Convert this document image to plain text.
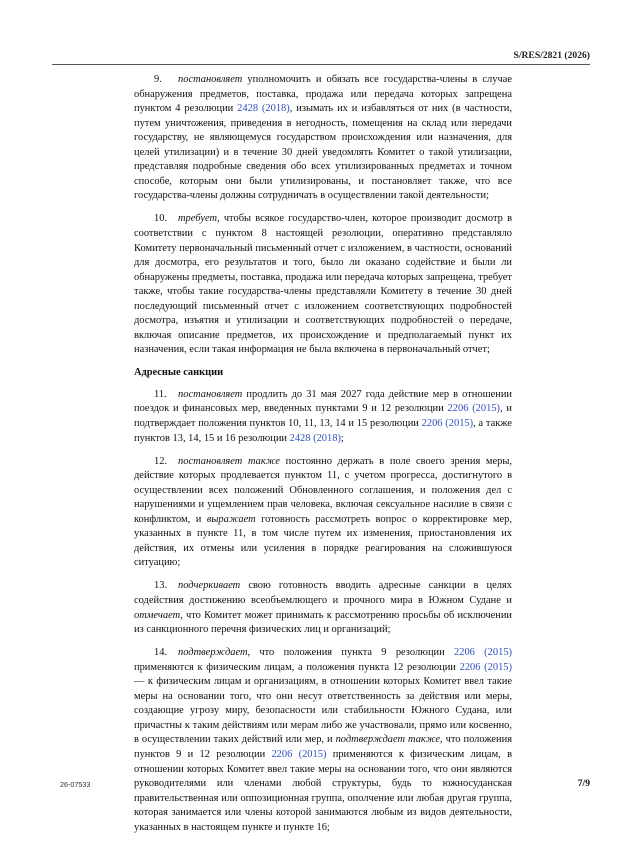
S/RES/2821 (2026)

9. постановляет уполномочить и обязать все государства-члены в случае обнаружения предметов, поставка, продажа или передача которых запрещена пунктом 4 резолюции 2428 (2018), изымать их и избавляться от них (в частности, путем уничтожения, приведения в негодность, помещения на склад или передачи государству, не являющемуся государством происхождения или назначения, для целей утилизации) и в течение 30 дней уведомлять Комитет о такой утилизации, представляя подробные сведения обо всех утилизированных предметах и точном способе, которым они были утилизированы, и постановляет также, что все государства-члены должны сотрудничать в осуществлении такой деятельности;

10. требует, чтобы всякое государство-член, которое производит досмотр в соответствии с пунктом 8 настоящей резолюции, оперативно представляло Комитету первоначальный письменный отчет с изложением, в частности, оснований для досмотра, его результатов и того, было ли оказано содействие и были ли обнаружены предметы, поставка, продажа или передача которых запрещена, требует также, чтобы такие государства-члены представляли Комитету в течение 30 дней последующий письменный отчет с изложением соответствующих подробностей досмотра, изъятия и утилизации и соответствующих подробностей о передаче, включая описание предметов, их происхождение и предполагаемый пункт их назначения, если такая информация не была включена в первоначальный отчет;

Адресные санкции

11. постановляет продлить до 31 мая 2027 года действие мер в отношении поездок и финансовых мер, введенных пунктами 9 и 12 резолюции 2206 (2015), и подтверждает положения пунктов 10, 11, 13, 14 и 15 резолюции 2206 (2015), а также пунктов 13, 14, 15 и 16 резолюции 2428 (2018);

12. постановляет также постоянно держать в поле своего зрения меры, действие которых продлевается пунктом 11, с учетом прогресса, достигнутого в осуществлении всех положений Обновленного соглашения, и положения дел с нарушениями и ущемлением прав человека, включая сексуальное насилие в связи с конфликтом, и выражает готовность рассмотреть вопрос о корректировке мер, указанных в пункте 11, в том числе путем их изменения, приостановления их действия, их отмены или усиления в порядке реагирования на сложившуюся ситуацию;

13. подчеркивает свою готовность вводить адресные санкции в целях содействия достижению всеобъемлющего и прочного мира в Южном Судане и отмечает, что Комитет может принимать к рассмотрению просьбы об исключении из санкционного перечня физических лиц и организаций;

14. подтверждает, что положения пункта 9 резолюции 2206 (2015) применяются к физическим лицам, а положения пункта 12 резолюции 2206 (2015) — к физическим лицам и организациям, в отношении которых Комитет ввел такие меры на основании того, что они несут ответственность за действия или меры, создающие угрозу миру, безопасности или стабильности Южного Судана, или причастны к таким действиям или мерам либо же участвовали, прямо или косвенно, в осуществлении таких действий или мер, и подтверждает также, что положения пунктов 9 и 12 резолюции 2206 (2015) применяются к физическим лицам, в отношении которых Комитет ввел такие меры на основании того, что они являются руководителями или членами любой структуры, будь то южносуданская правительственная или оппозиционная группа, ополчение или любая другая группа, которая занимается или члены которой занимаются любым из видов деятельности, указанных в настоящем пункте и пункте 16;

26-07533	7/9
